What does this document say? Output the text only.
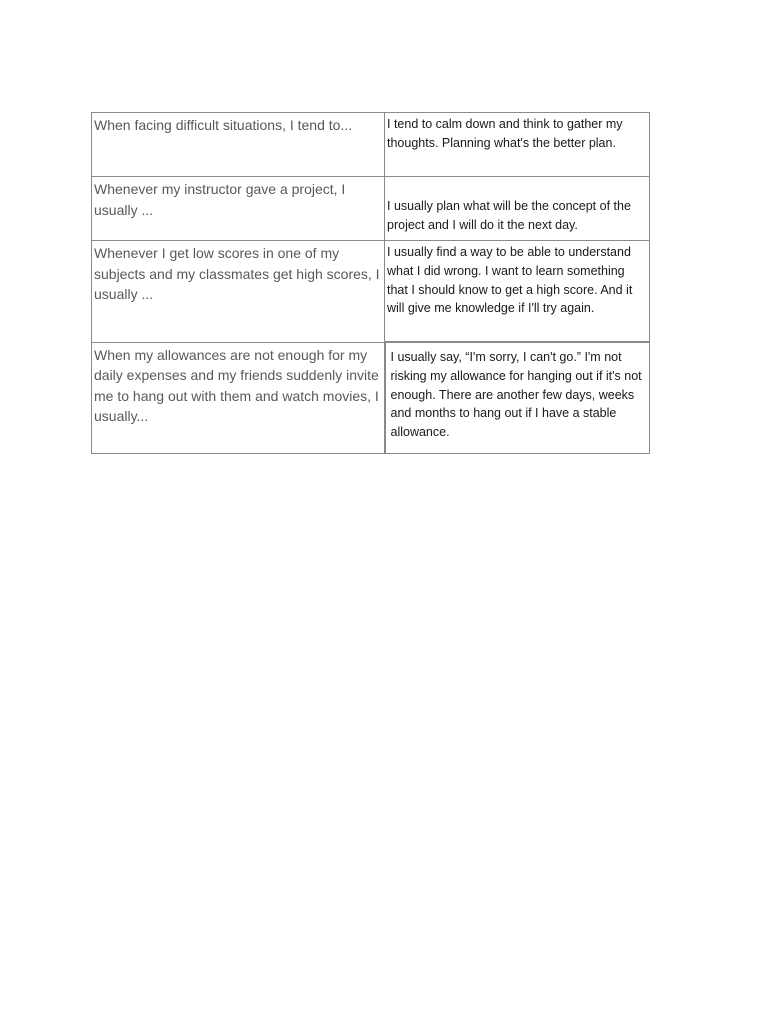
When facing difficult situations, I tend to...	I tend to calm down and think to gather my thoughts. Planning what's the better plan.
Whenever my instructor gave a project, I usually ...	I usually plan what will be the concept of the project and I will do it the next day.
Whenever I get low scores in one of my subjects and my classmates get high scores, I usually ...	I usually find a way to be able to understand what I did wrong. I want to learn something that I should know to get a high score. And it will give me knowledge if I'll try again.
When my allowances are not enough for my daily expenses and my friends suddenly invite me to hang out with them and watch movies, I usually...	I usually say, “I'm sorry, I can't go.” I'm not risking my allowance for hanging out if it's not enough. There are another few days, weeks and months to hang out if I have a stable allowance.
